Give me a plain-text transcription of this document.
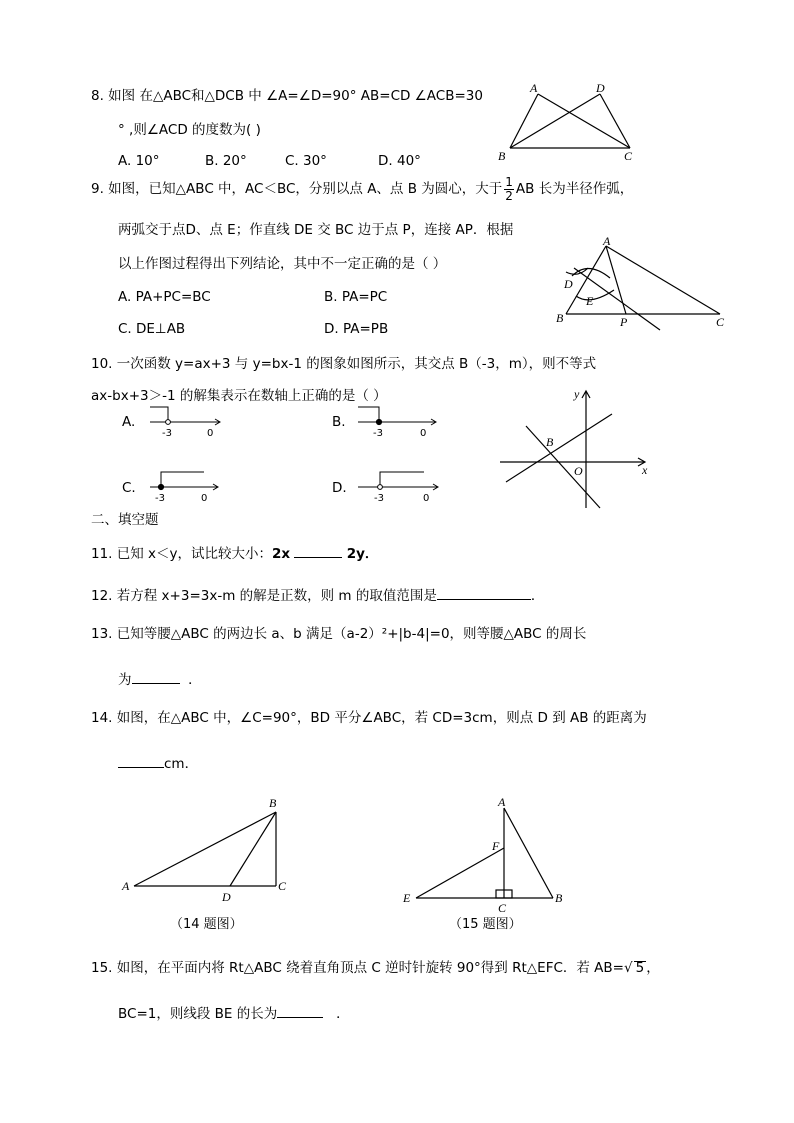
8. 如图 在△ABC和△DCB 中 ∠A=∠D=90° AB=CD ∠ACB=30
° ,则∠ACD 的度数为( )
A. 10°	B. 20°	C. 30°	D. 40°
A	D
B	C
9. 如图，已知△ABC 中，AC＜BC，分别以点 A、点 B 为圆心，大于 $\frac{1}{2}$ AB 长为半径作弧，
两弧交于点D、点 E；作直线 DE 交 BC 边于点 P，连接 AP．根据
以上作图过程得出下列结论，其中不一定正确的是（ ）
A. PA+PC=BC	B. PA=PC
C. DE⊥AB	D. PA=PB
A
D
E
B	P	C
10. 一次函数 y=ax+3 与 y=bx-1 的图象如图所示，其交点 B（-3，m），则不等式
ax-bx+3＞-1 的解集表示在数轴上正确的是（ ）
A.
-3	0
B.
-3	0
C.
-3	0
D.
-3	0
y
x
B
O
二、填空题
11. 已知 x＜y，试比较大小：2x	2y．
12. 若方程 x+3=3x-m 的解是正数，则 m 的取值范围是	．
13. 已知等腰△ABC 的两边长 a、b 满足（a-2）²+|b-4|=0，则等腰△ABC 的周长
为	．
14. 如图，在△ABC 中，∠C=90°，BD 平分∠ABC，若 CD=3cm，则点 D 到 AB 的距离为
cm．
A
B
C
D
（14 题图）
A
F
E
C
B
（15 题图）
15. 如图，在平面内将 Rt△ABC 绕着直角顶点 C 逆时针旋转 90°得到 Rt△EFC．若 AB=√ 5 ，
BC=1，则线段 BE 的长为	．
